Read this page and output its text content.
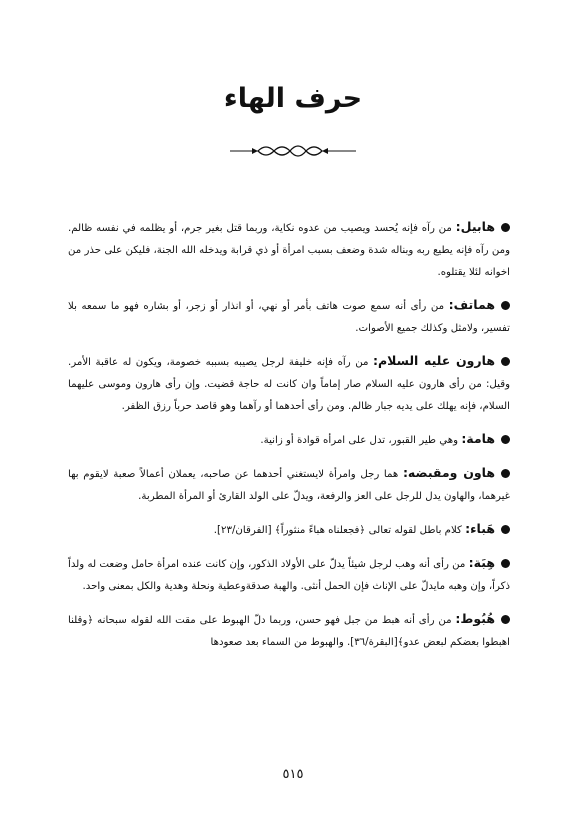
حرف الهاء

هابيل: من رآه فإنه يُحسد ويصيب من عدوه نكاية، وربما قتل بغير جرم، أو يظلمه في نفسه ظالم. ومن رآه فإنه يطيع ربه وبناله شدة وضعف بسبب امرأة أو ذي قرابة ويدخله الله الجنة، فليكن على حذر من اخوانه لئلا يقتلوه.

هماتف: من رأى أنه سمع صوت هاتف بأمر أو نهي، أو انذار أو زجر، أو بشاره فهو ما سمعه بلا تفسير، ولامثل وكذلك جميع الأصوات.

هارون عليه السلام: من رآه فإنه خليفة لرجل يصيبه بسببه خصومة، ويكون له عاقبة الأمر. وقيل: من رأى هارون عليه السلام صار إماماً وان كانت له حاجة قضيت. وإن رأى هارون وموسى عليهما السلام، فإنه يهلك على يديه جبار ظالم. ومن رأى أحدهما أو رآهما وهو قاصد حرباً رزق الظفر.

هامة: وهي طير القبور، تدل على امرأه قوادة أو زانية.

هاون ومقبضه: هما رجل وامرأة لايستغني أحدهما عن صاحبه، يعملان أعمالاً صعبة لايقوم بها غيرهما، والهاون يدل للرجل على العز والرفعة، ويدلّ على الولد القارئ أو المرأة المطربة.

هَباء: كلام باطل لقوله تعالى ﴿فجعلناه هباءً منثوراً﴾ [الفرقان/٢٣].

هِبَة: من رأى أنه وهب لرجل شيئاً يدلّ على الأولاد الذكور، وإن كانت عنده امرأة حامل وضعت له ولداً ذكراً، وإن وهبه مايدلّ على الإناث فإن الحمل أنثى. والهبة صدقةوعطية ونحلة وهدية والكل بمعنى واحد.

هُبُوط: من رأى أنه هبط من جبل فهو حسن، وربما دلّ الهبوط على مقت الله لقوله سبحانه ﴿وقلنا اهبطوا بعضكم لبعض عدو﴾[البقرة/٣٦]. والهبوط من السماء بعد صعودها

٥١٥
